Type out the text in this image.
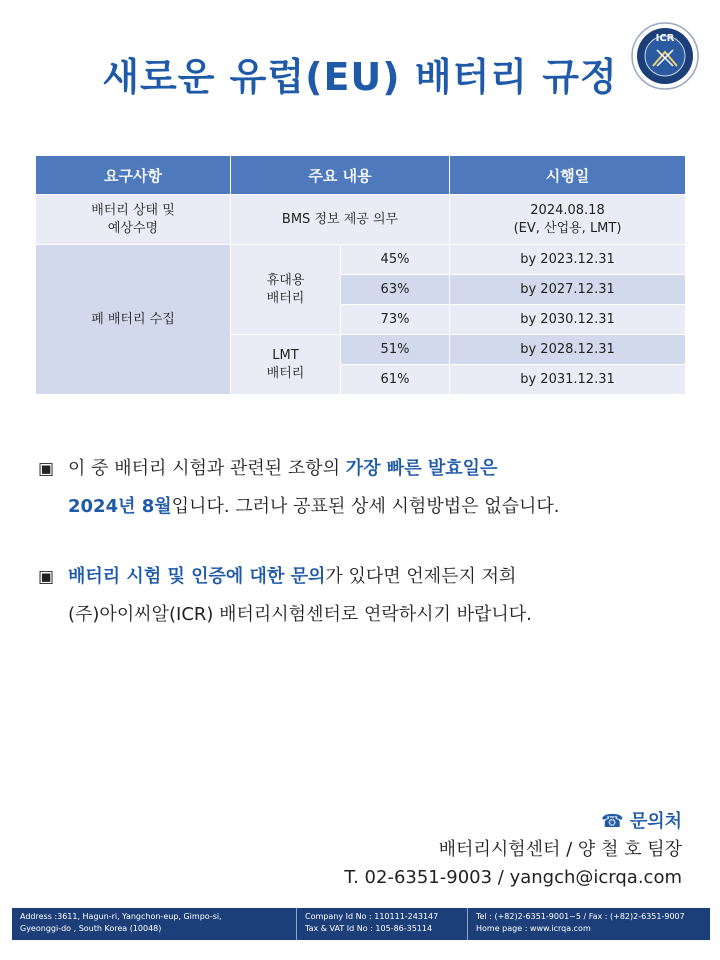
새로운 유럽(EU) 배터리 규정
ICR
요구사항	주요 내용		시행일
배터리 상태 및
예상수명	BMS 정보 제공 의무		2024.08.18
(EV, 산업용, LMT)
폐 배터리 수집	휴대용
배터리	45%	by 2023.12.31
		63%	by 2027.12.31
		73%	by 2030.12.31
	LMT
배터리	51%	by 2028.12.31
		61%	by 2031.12.31
▣ 이 중 배터리 시험과 관련된 조항의 가장 빠른 발효일은
2024년 8월입니다. 그러나 공표된 상세 시험방법은 없습니다.
▣ 배터리 시험 및 인증에 대한 문의가 있다면 언제든지 저희
(주)아이씨알(ICR) 배터리시험센터로 연락하시기 바랍니다.
☎ 문의처
배터리시험센터 / 양 철 호 팀장
T. 02-6351-9003 / yangch@icrqa.com
Address :3611, Hagun-ri, Yangchon-eup, Gimpo-si,
Gyeonggi-do , South Korea (10048)
Company Id No : 110111-243147
Tax & VAT Id No : 105-86-35114
Tel : (+82)2-6351-9001~5 / Fax : (+82)2-6351-9007
Home page : www.icrqa.com
